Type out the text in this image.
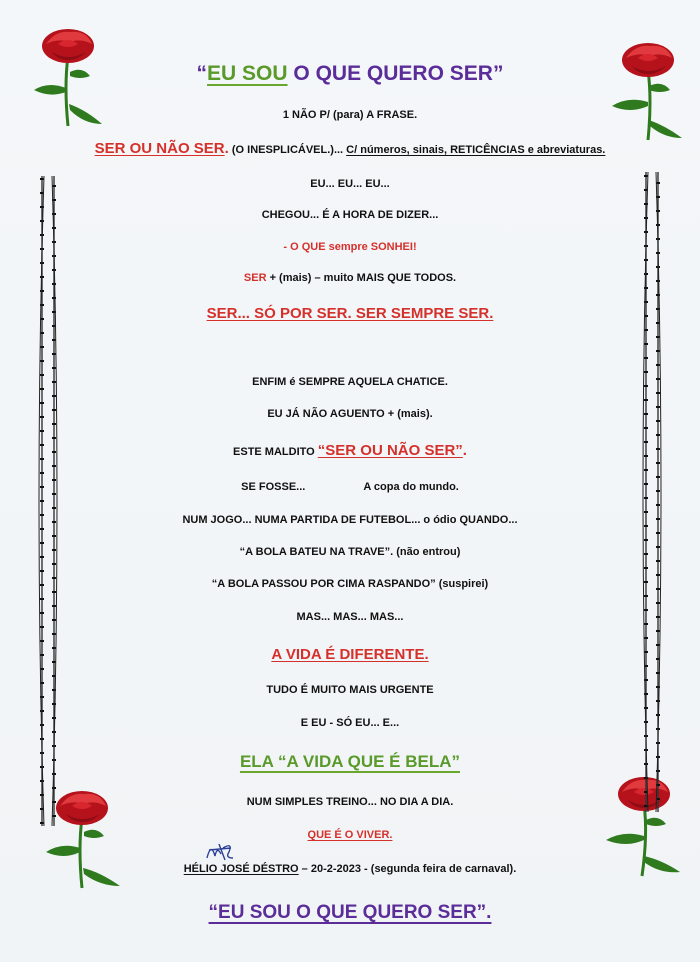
“EU SOU O QUE QUERO SER”
1 NÃO P/ (para) A FRASE.
SER OU NÃO SER. (O INESPLICÁVEL.)... C/ números, sinais, RETICÊNCIAS e abreviaturas.
EU... EU... EU...
CHEGOU... É A HORA DE DIZER...
- O QUE sempre SONHEI!
SER + (mais) – muito MAIS QUE TODOS.
SER... SÓ POR SER. SER SEMPRE SER.
ENFIM é SEMPRE AQUELA CHATICE.
EU JÁ NÃO AGUENTO + (mais).
ESTE MALDITO “SER OU NÃO SER”.
SE FOSSE...	A copa do mundo.
NUM JOGO... NUMA PARTIDA DE FUTEBOL... o ódio QUANDO...
“A BOLA BATEU NA TRAVE”. (não entrou)
“A BOLA PASSOU POR CIMA RASPANDO” (suspirei)
MAS... MAS... MAS...
A VIDA É DIFERENTE.
TUDO É MUITO MAIS URGENTE
E EU - SÓ EU... E...
ELA “A VIDA QUE É BELA”
NUM SIMPLES TREINO... NO DIA A DIA.
QUE É O VIVER.
HÉLIO JOSÉ DÉSTRO – 20-2-2023 - (segunda feira de carnaval).
“EU SOU O QUE QUERO SER”.
